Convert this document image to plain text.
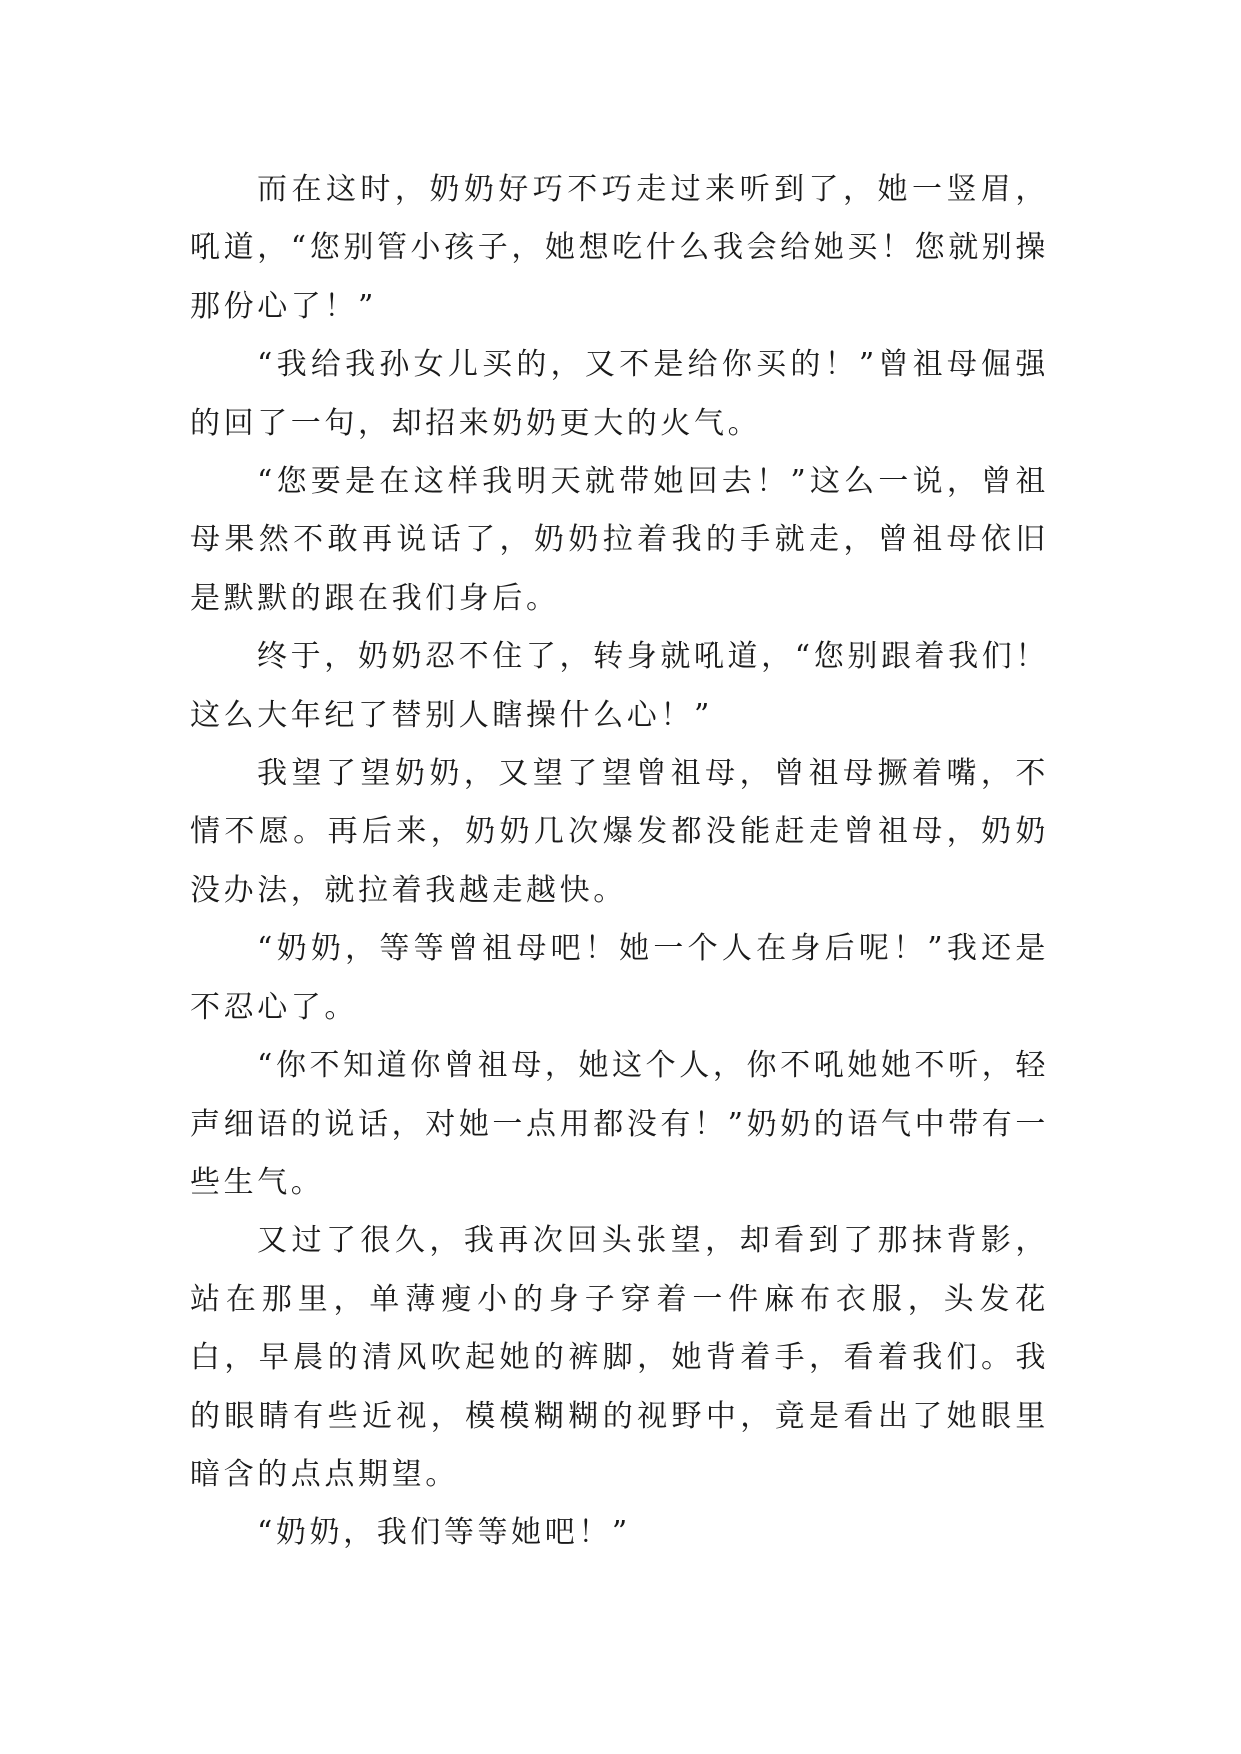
而在这时，奶奶好巧不巧走过来听到了，她一竖眉，吼道，“您别管小孩子，她想吃什么我会给她买！您就别操那份心了！”

“我给我孙女儿买的，又不是给你买的！”曾祖母倔强的回了一句，却招来奶奶更大的火气。

“您要是在这样我明天就带她回去！”这么一说，曾祖母果然不敢再说话了，奶奶拉着我的手就走，曾祖母依旧是默默的跟在我们身后。

终于，奶奶忍不住了，转身就吼道，“您别跟着我们！这么大年纪了替别人瞎操什么心！”

我望了望奶奶，又望了望曾祖母，曾祖母撅着嘴，不情不愿。再后来，奶奶几次爆发都没能赶走曾祖母，奶奶没办法，就拉着我越走越快。

“奶奶，等等曾祖母吧！她一个人在身后呢！”我还是不忍心了。

“你不知道你曾祖母，她这个人，你不吼她她不听，轻声细语的说话，对她一点用都没有！”奶奶的语气中带有一些生气。

又过了很久，我再次回头张望，却看到了那抹背影，站在那里，单薄瘦小的身子穿着一件麻布衣服，头发花白，早晨的清风吹起她的裤脚，她背着手，看着我们。我的眼睛有些近视，模模糊糊的视野中，竟是看出了她眼里暗含的点点期望。

“奶奶，我们等等她吧！”
